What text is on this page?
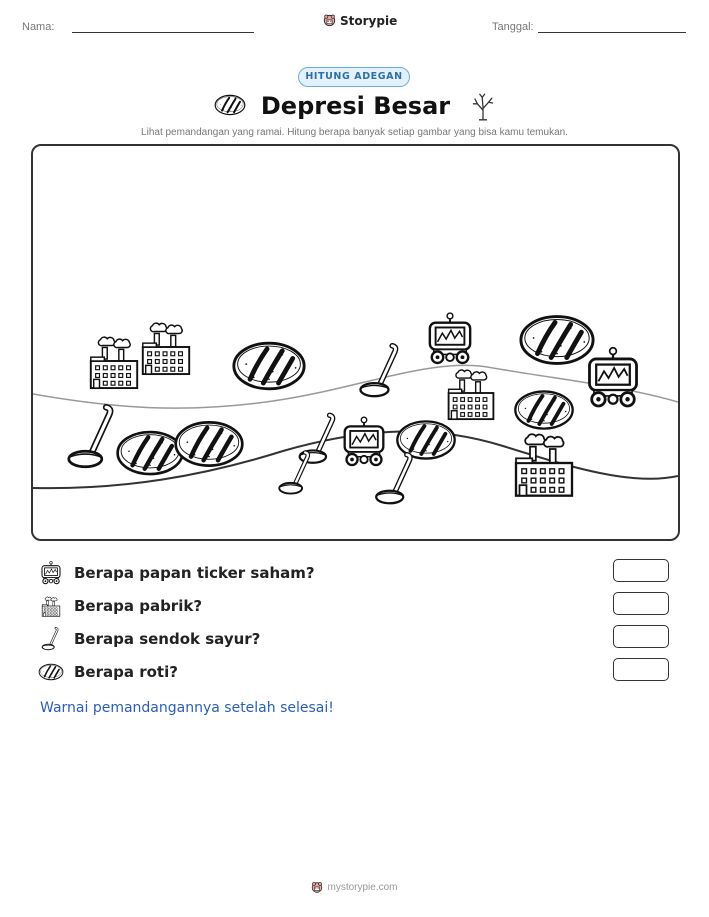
Nama:	Storypie	Tanggal:
HITUNG ADEGAN
Depresi Besar
Lihat pemandangan yang ramai. Hitung berapa banyak setiap gambar yang bisa kamu temukan.
Berapa papan ticker saham?
Berapa pabrik?
Berapa sendok sayur?
Berapa roti?
Warnai pemandangannya setelah selesai!
mystorypie.com
